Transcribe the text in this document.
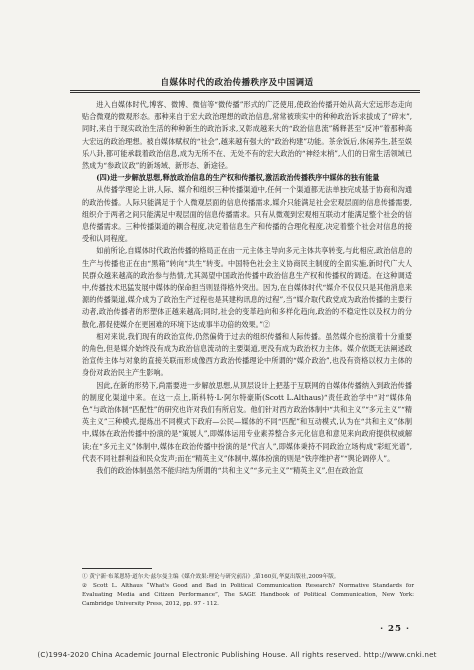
自媒体时代的政治传播秩序及中国调适

进入自媒体时代,博客、微博、微信等“微传播”形式的广泛使用,使政治传播开始从高大宏远形态走向贴合微观的微观形态。那种来自于宏大政治理想的政治信息,常常被琐实中的种种政治诉求拔成了“碎末”,同时,来自于现实政治生活的种种新生的政治诉求,又彰成越来大的“政治信息流”稀释甚至“反冲”着那种高大宏远的政治理想。被自媒体赋权的“社会”,越来越有强大的“政治构建”功能。茶余饭后,休闲养生,甚至娱乐八卦,都可能承载着政治信息,成为无所不在、无处不有的宏大政治的“神经末梢”,人们的日常生活领域已然成为“参政议政”的新场域、新形态、新途径。

(四)进一步解放思想,释放政治信息的生产权和传播权,激活政治传播秩序中媒体的独有能量

从传播学理论上讲,人际、媒介和组织三种传播渠道中,任何一个渠道都无法单独完成基于协商和沟通的政治传播。人际只能满足于个人微观层面的信息传播需求,媒介只能满足社会宏观层面的信息传播需要,组织介于两者之间只能满足中观层面的信息传播需求。只有从微观到宏观相互联动才能满足整个社会的信息传播需求。三种传播渠道的耦合程度,决定着信息生产和传播的合理化程度,决定着整个社会对信息的接受和认同程度。

如前所论,自媒体时代政治传播的格局正在由一元主体主导向多元主体共享转变,与此相应,政治信息的生产与传播也正在由“黑箱”转向“共生”转变。中国特色社会主义协商民主制度的全面实施,新时代广大人民群众越来越高的政治参与热情,尤其渴望中国政治传播中政治信息生产权和传播权的调适。在这种调适中,传播技术迅猛发展中媒体的保命担当则显得格外突出。因为,在自媒体时代“媒介不仅仅只是其他消息来源的传播渠道,媒介成为了政治生产过程也是其建构讯息的过程”,当“媒介取代政党成为政治传播的主要行动者,政治传播者的形塑体正越来越高;同时,社会的变革趋向和多样化趋向,政治的不稳定性以及权力的分散化,都促使媒介在更困难的环境下达成事半功倍的效果。”②

相对来说,我们现有的政治宣传,仍然偏倚于过去的组织传播和人际传播。虽然媒介也扮演着十分重要的角色,但是媒介始终没有成为政治信息流动的主要渠道,更没有成为政治权力主体。媒介依既无法阐述政治宣传主体与对象的直接关联而形成像西方政治传播理论中所谓的“媒介政治”,也没有资格以权力主体的身份对政治民主产生影响。

因此,在新的形势下,尚需要进一步解放思想,从顶层设计上把基于互联网的自媒体传播纳入到政治传播的制度化渠道中来。在这一点上,斯科特·L·阿尔特豪斯(Scott L.Althaus)“责任政治学中“对“媒体角色”与政治体制“匹配性”的研究也许对我们有所启发。他们针对西方政治体制中“共和主义”“多元主义”“精英主义”三种模式,提炼出不同模式下政府—公民—媒体的不同“匹配”和互动模式,认为在“共和主义”体制中,媒体在政治传播中扮演的是“策展人”,即媒体运用专业素养整合多元化信息和意见来向政府提供权威解读;在“多元主义”体制中,媒体在政治传播中扮演的是“代言人”,即媒体秉持不同政治立场构成“彩虹光谱”,代表不同社群利益和民众发声;而在“精英主义”体制中,媒体扮演的则是“铁序维护者”“舆论调停人”。

我们的政治体制虽然不能归结为所谓的“共和主义”“多元主义”“精英主义”,但在政治宣

① 黄宁新·布莱恩特·道尔夫·兹尔曼主编《媒介效果:理论与研究前沿》,第160页,华夏出版社,2009年版。

② Scott L. Althaus “What's Good and Bad in Political Communication Research? Normative Standards for Evaluating Media and Citizen Performance”, The SAGE Handbook of Political Communication, New York: Cambridge University Press, 2012, pp. 97 - 112.

· 25 ·
(C)1994-2020 China Academic Journal Electronic Publishing House. All rights reserved. http://www.cnki.net
